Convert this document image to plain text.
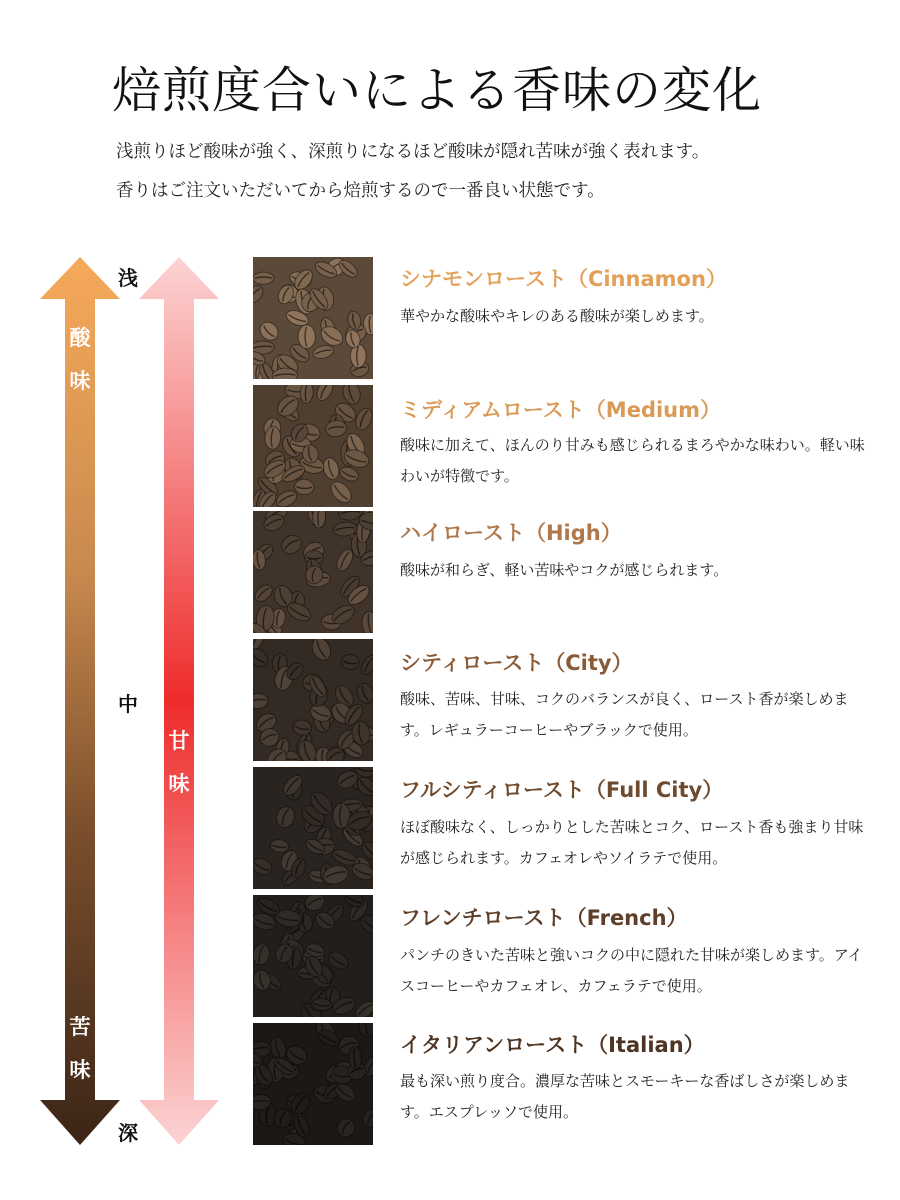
焙煎度合いによる香味の変化
浅煎りほど酸味が強く、深煎りになるほど酸味が隠れ苦味が強く表れます。
香りはご注文いただいてから焙煎するので一番良い状態です。
浅
中
深
酸
味
苦
味
甘
味
シナモンロースト（Cinnamon）
華やかな酸味やキレのある酸味が楽しめます。
ミディアムロースト（Medium）
酸味に加えて、ほんのり甘みも感じられるまろやかな味わい。軽い味わいが特徴です。
ハイロースト（High）
酸味が和らぎ、軽い苦味やコクが感じられます。
シティロースト（City）
酸味、苦味、甘味、コクのバランスが良く、ロースト香が楽しめます。レギュラーコーヒーやブラックで使用。
フルシティロースト（Full City）
ほぼ酸味なく、しっかりとした苦味とコク、ロースト香も強まり甘味が感じられます。カフェオレやソイラテで使用。
フレンチロースト（French）
パンチのきいた苦味と強いコクの中に隠れた甘味が楽しめます。アイスコーヒーやカフェオレ、カフェラテで使用。
イタリアンロースト（Italian）
最も深い煎り度合。濃厚な苦味とスモーキーな香ばしさが楽しめます。エスプレッソで使用。
